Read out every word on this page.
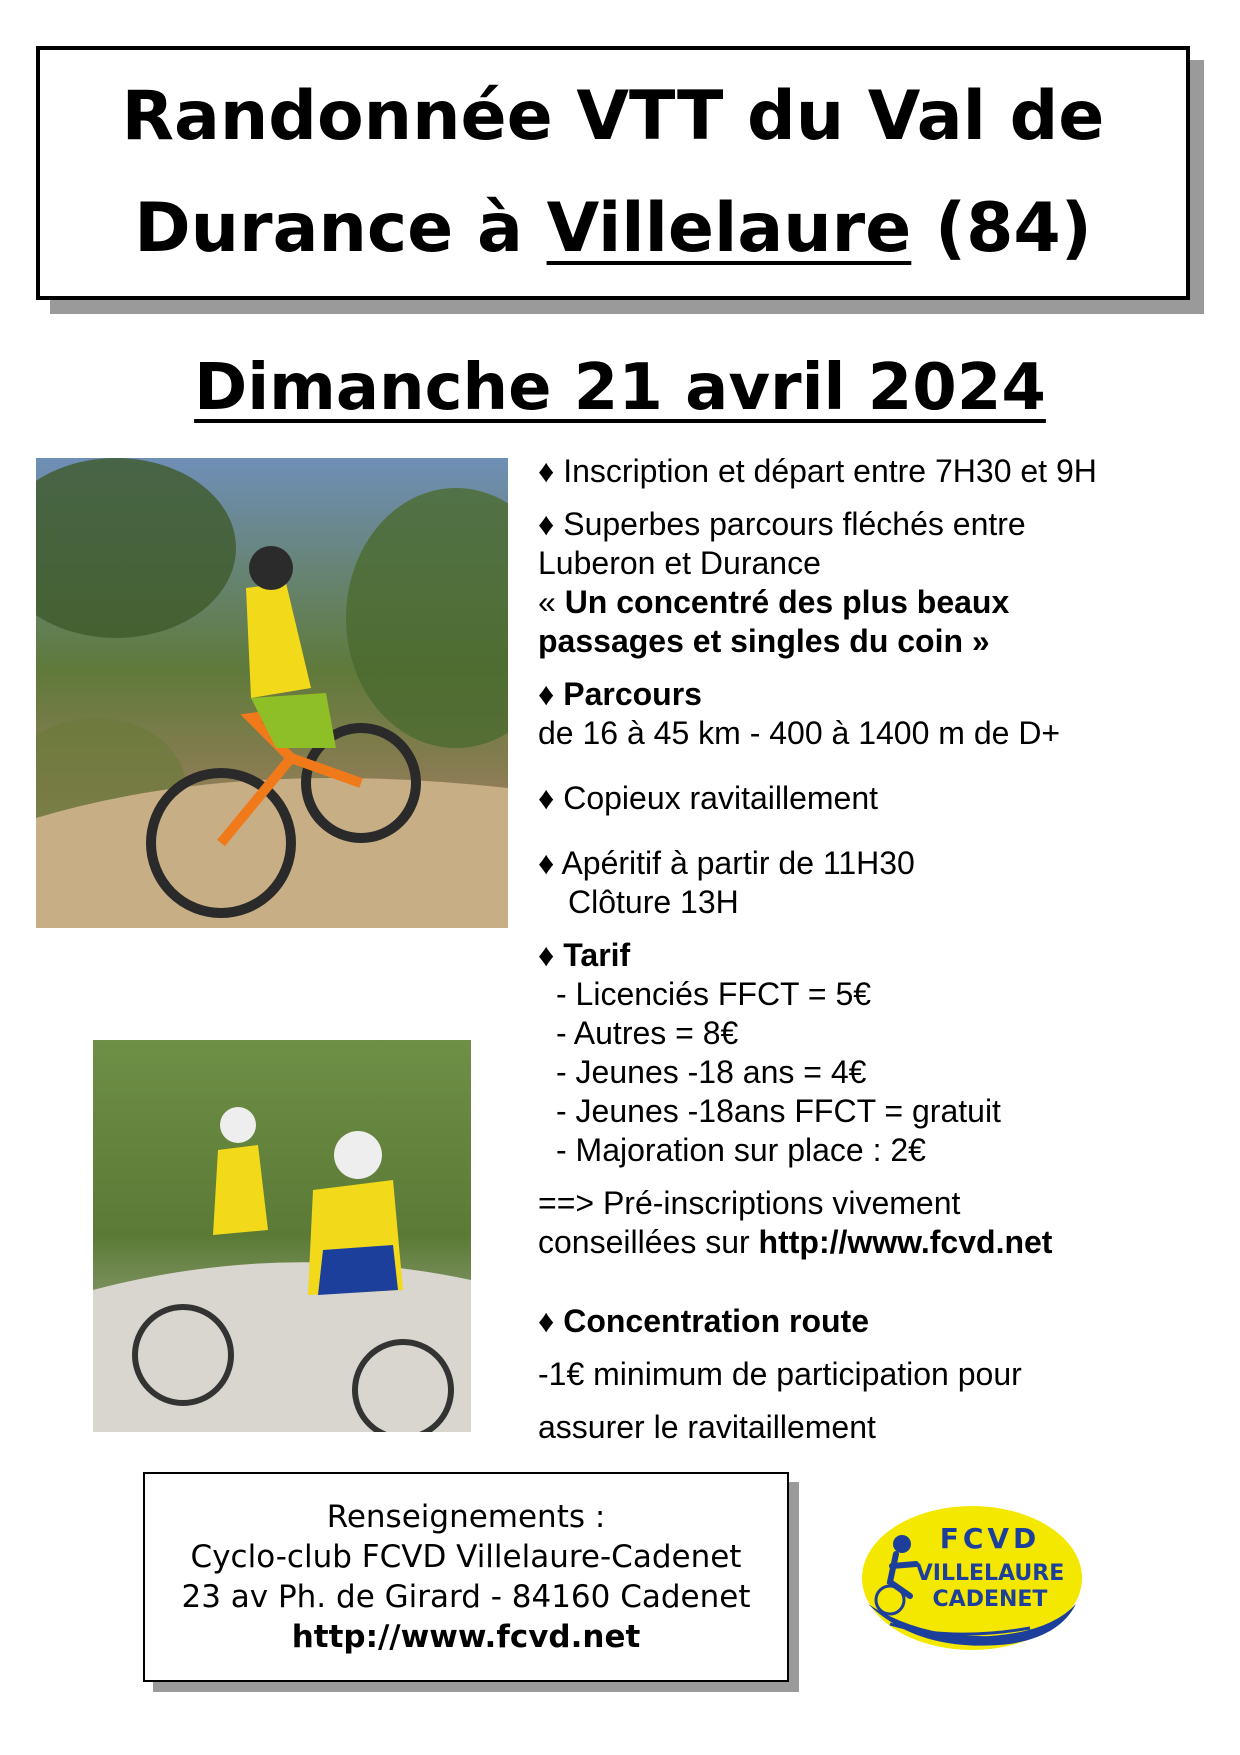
Randonnée VTT du Val de
Durance à Villelaure (84)
Dimanche 21 avril 2024

♦ Inscription et départ entre 7H30 et 9H

♦ Superbes parcours fléchés entre

Luberon et Durance

« Un concentré des plus beaux

passages et singles du coin »

♦ Parcours

de 16 à 45 km - 400 à 1400 m de D+

♦ Copieux ravitaillement

♦ Apéritif à partir de 11H30

Clôture 13H

♦ Tarif

- Licenciés FFCT = 5€

- Autres = 8€

- Jeunes -18 ans = 4€

- Jeunes -18ans FFCT = gratuit

- Majoration sur place : 2€

==> Pré-inscriptions vivement

conseillées sur http://www.fcvd.net

♦ Concentration route

-1€ minimum de participation pour

assurer le ravitaillement

Renseignements :
Cyclo-club FCVD Villelaure-Cadenet
23 av Ph. de Girard - 84160 Cadenet
http://www.fcvd.net
FCVD
VILLELAURE
CADENET
